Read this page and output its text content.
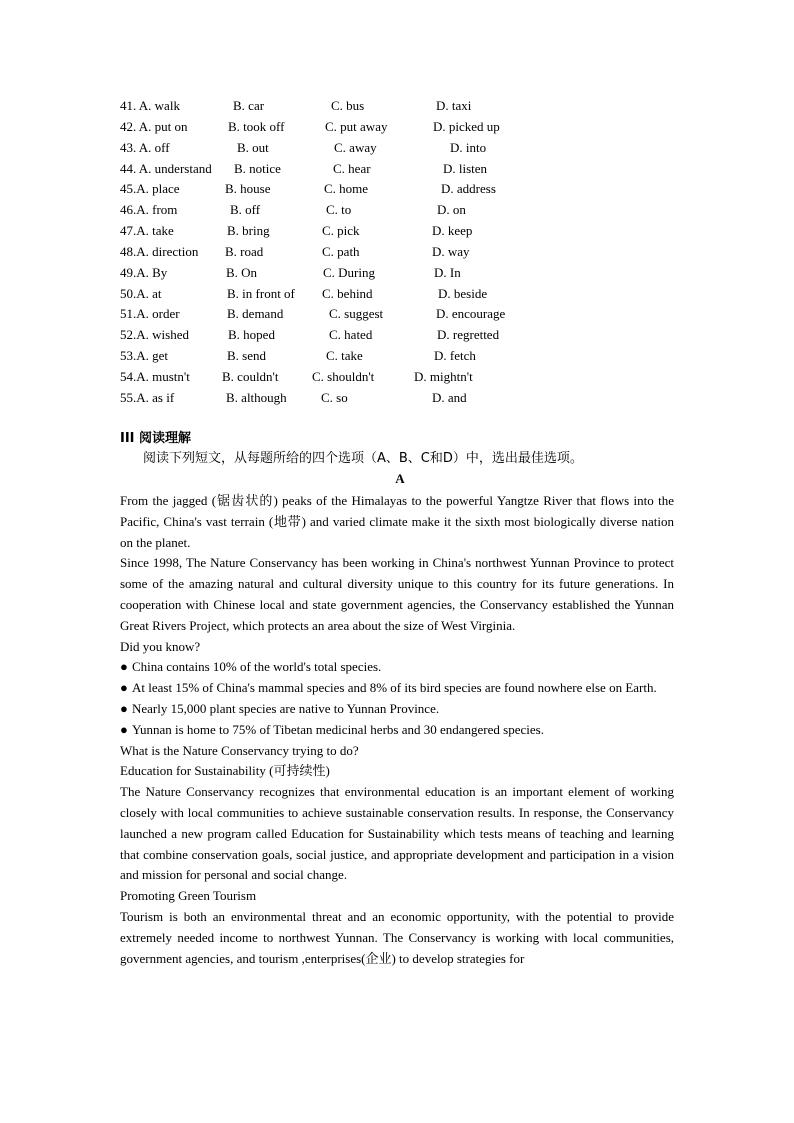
41. A. walk	B. car	C. bus	D. taxi
42. A. put on	B. took off	C. put away	D. picked up
43. A. off	B. out	C. away	D. into
44. A. understand B. notice	C. hear	D. listen
45.A. place	B. house	C. home	D. address
46.A. from	B. off	C. to	D. on
47.A. take	B. bring	C. pick	D. keep
48.A. direction B. road	C. path	D. way
49.A. By	B. On	C. During	D. In
50.A. at	B. in front of C. behind	D. beside
51.A. order	B. demand	C. suggest	D. encourage
52.A. wished	B. hoped	C. hated	D. regretted
53.A. get	B. send	C. take	D. fetch
54.A. mustn't B. couldn't	C. shouldn't	D. mightn't
55.A. as if	B. although	C. so	D. and
III 阅读理解
阅读下列短文，从每题所给的四个选项（A、B、C和D）中，选出最佳选项。
A

From the jagged (锯齿状的) peaks of the Himalayas to the powerful Yangtze River that flows into the Pacific, China's vast terrain (地带) and varied climate make it the sixth most biologically diverse nation on the planet.

Since 1998, The Nature Conservancy has been working in China's northwest Yunnan Province to protect some of the amazing natural and cultural diversity unique to this country for its future generations. In cooperation with Chinese local and state government agencies, the Conservancy established the Yunnan Great Rivers Project, which protects an area about the size of West Virginia.

Did you know?

● China contains 10% of the world's total species.

● At least 15% of China's mammal species and 8% of its bird species are found nowhere else on Earth.

● Nearly 15,000 plant species are native to Yunnan Province.

● Yunnan is home to 75% of Tibetan medicinal herbs and 30 endangered species.

What is the Nature Conservancy trying to do?

Education for Sustainability (可持续性)

The Nature Conservancy recognizes that environmental education is an important element of working closely with local communities to achieve sustainable conservation results. In response, the Conservancy launched a new program called Education for Sustainability which tests means of teaching and learning that combine conservation goals, social justice, and appropriate development and participation in a vision and mission for personal and social change.

Promoting Green Tourism

Tourism is both an environmental threat and an economic opportunity, with the potential to provide extremely needed income to northwest Yunnan. The Conservancy is working with local communities, government agencies, and tourism ,enterprises(企业) to develop strategies for
